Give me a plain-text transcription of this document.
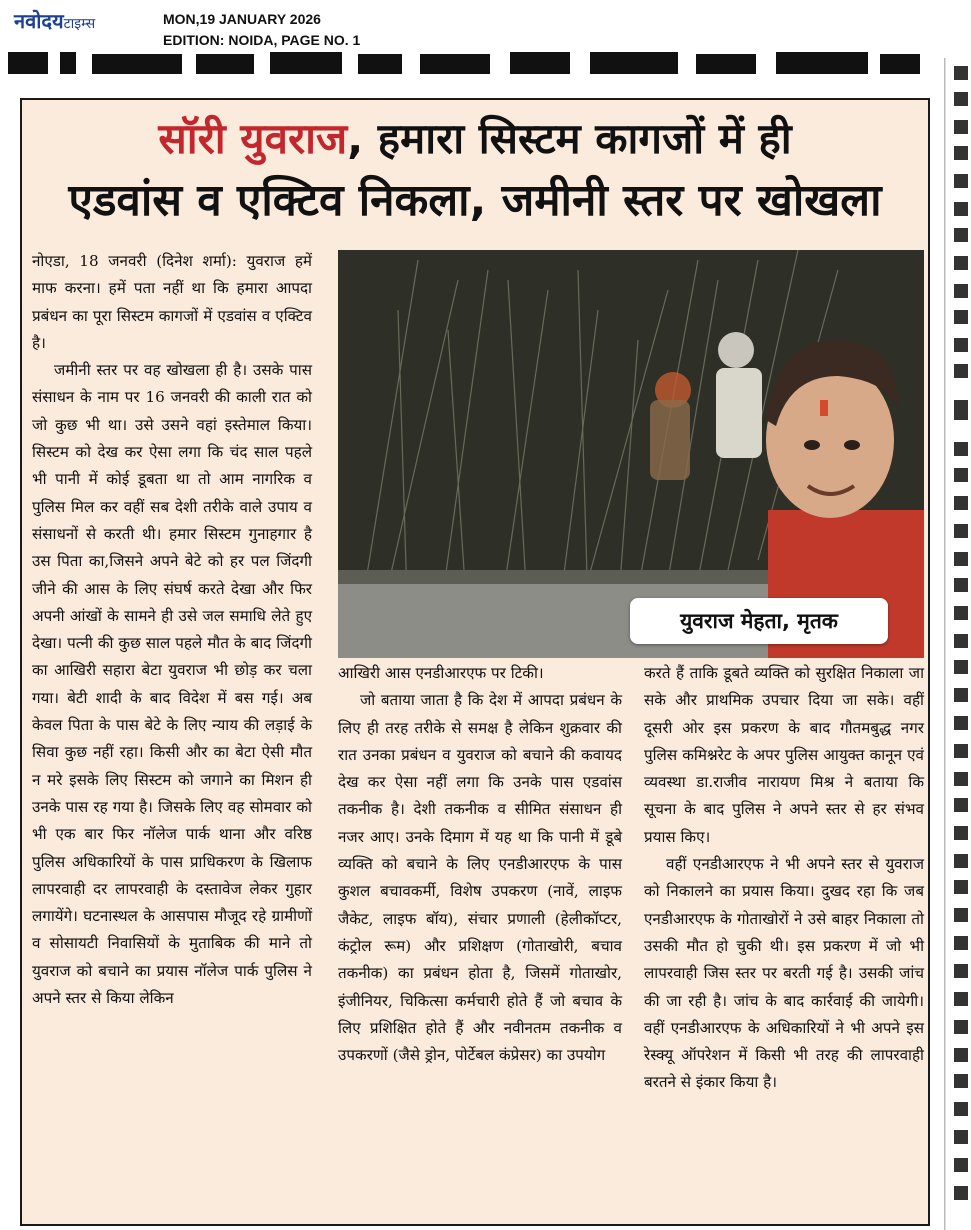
नवोदयटाइम्स	MON,19 JANUARY 2026
EDITION: NOIDA, PAGE NO. 1
सॉरी युवराज, हमारा सिस्टम कागजों में ही
एडवांस व एक्टिव निकला, जमीनी स्तर पर खोखला

नोएडा, 18 जनवरी (दिनेश शर्मा): युवराज हमें माफ करना। हमें पता नहीं था कि हमारा आपदा प्रबंधन का पूरा सिस्टम कागजों में एडवांस व एक्टिव है।

जमीनी स्तर पर वह खोखला ही है। उसके पास संसाधन के नाम पर 16 जनवरी की काली रात को जो कुछ भी था। उसे उसने वहां इस्तेमाल किया। सिस्टम को देख कर ऐसा लगा कि चंद साल पहले भी पानी में कोई डूबता था तो आम नागरिक व पुलिस मिल कर वहीं सब देशी तरीके वाले उपाय व संसाधनों से करती थी। हमार सिस्टम गुनाहगार है उस पिता का,जिसने अपने बेटे को हर पल जिंदगी जीने की आस के लिए संघर्ष करते देखा और फिर अपनी आंखों के सामने ही उसे जल समाधि लेते हुए देखा। पत्नी की कुछ साल पहले मौत के बाद जिंदगी का आखिरी सहारा बेटा युवराज भी छोड़ कर चला गया। बेटी शादी के बाद विदेश में बस गई। अब केवल पिता के पास बेटे के लिए न्याय की लड़ाई के सिवा कुछ नहीं रहा। किसी और का बेटा ऐसी मौत न मरे इसके लिए सिस्टम को जगाने का मिशन ही उनके पास रह गया है। जिसके लिए वह सोमवार को भी एक बार फिर नॉलेज पार्क थाना और वरिष्ठ पुलिस अधिकारियों के पास प्राधिकरण के खिलाफ लापरवाही दर लापरवाही के दस्तावेज लेकर गुहार लगायेंगे। घटनास्थल के आसपास मौजूद रहे ग्रामीणों व सोसायटी निवासियों के मुताबिक की माने तो युवराज को बचाने का प्रयास नॉलेज पार्क पुलिस ने अपने स्तर से किया लेकिन

युवराज मेहता, मृतक

आखिरी आस एनडीआरएफ पर टिकी।

जो बताया जाता है कि देश में आपदा प्रबंधन के लिए ही तरह तरीके से समक्ष है लेकिन शुक्रवार की रात उनका प्रबंधन व युवराज को बचाने की कवायद देख कर ऐसा नहीं लगा कि उनके पास एडवांस तकनीक है। देशी तकनीक व सीमित संसाधन ही नजर आए। उनके दिमाग में यह था कि पानी में डूबे व्यक्ति को बचाने के लिए एनडीआरएफ के पास कुशल बचावकर्मी, विशेष उपकरण (नावें, लाइफ जैकेट, लाइफ बॉय), संचार प्रणाली (हेलीकॉप्टर, कंट्रोल रूम) और प्रशिक्षण (गोताखोरी, बचाव तकनीक) का प्रबंधन होता है, जिसमें गोताखोर, इंजीनियर, चिकित्सा कर्मचारी होते हैं जो बचाव के लिए प्रशिक्षित होते हैं और नवीनतम तकनीक व उपकरणों (जैसे ड्रोन, पोर्टेबल कंप्रेसर) का उपयोग

करते हैं ताकि डूबते व्यक्ति को सुरक्षित निकाला जा सके और प्राथमिक उपचार दिया जा सके। वहीं दूसरी ओर इस प्रकरण के बाद गौतमबुद्ध नगर पुलिस कमिश्नरेट के अपर पुलिस आयुक्त कानून एवं व्यवस्था डा.राजीव नारायण मिश्र ने बताया कि सूचना के बाद पुलिस ने अपने स्तर से हर संभव प्रयास किए।

वहीं एनडीआरएफ ने भी अपने स्तर से युवराज को निकालने का प्रयास किया। दुखद रहा कि जब एनडीआरएफ के गोताखोरों ने उसे बाहर निकाला तो उसकी मौत हो चुकी थी। इस प्रकरण में जो भी लापरवाही जिस स्तर पर बरती गई है। उसकी जांच की जा रही है। जांच के बाद कार्रवाई की जायेगी। वहीं एनडीआरएफ के अधिकारियों ने भी अपने इस रेस्क्यू ऑपरेशन में किसी भी तरह की लापरवाही बरतने से इंकार किया है।
